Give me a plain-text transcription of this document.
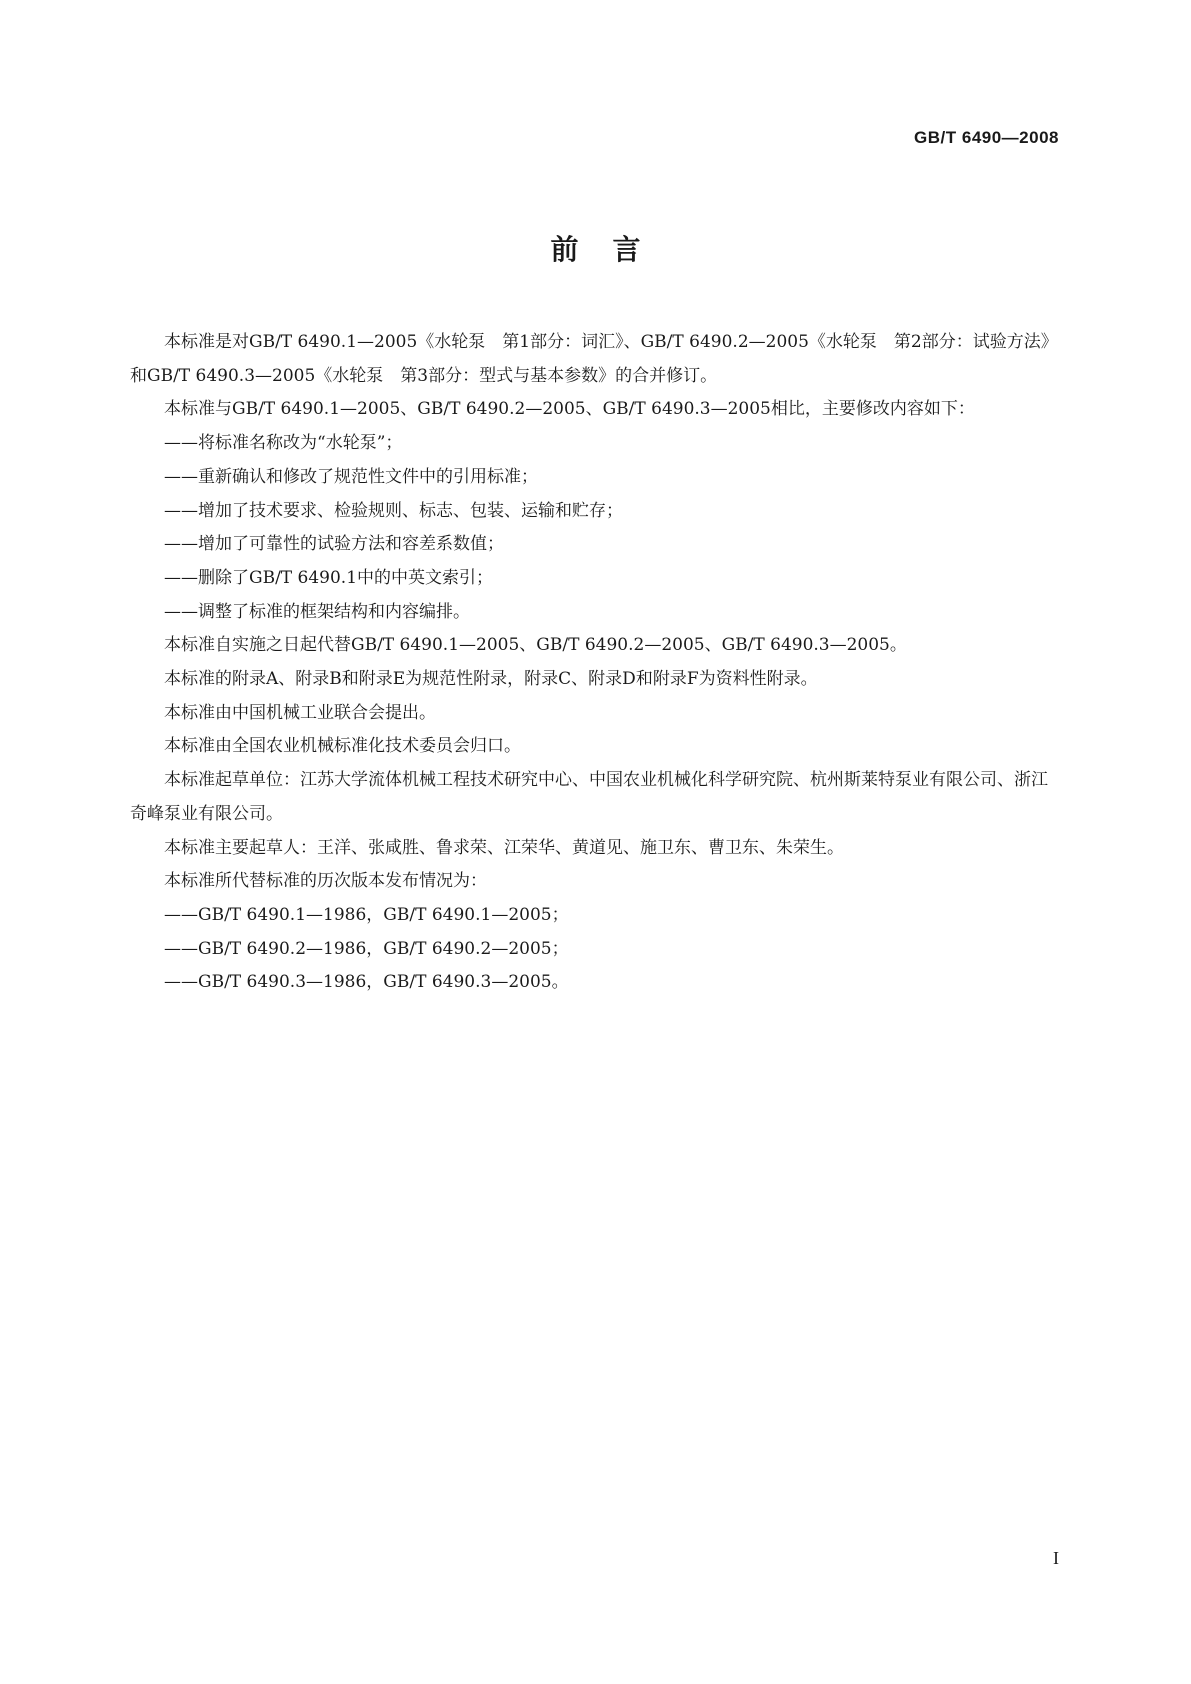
GB/T 6490—2008
前言

本标准是对GB/T 6490.1—2005《水轮泵　第1部分：词汇》、GB/T 6490.2—2005《水轮泵　第2部分：试验方法》和GB/T 6490.3—2005《水轮泵　第3部分：型式与基本参数》的合并修订。

本标准与GB/T 6490.1—2005、GB/T 6490.2—2005、GB/T 6490.3—2005相比，主要修改内容如下：

——将标准名称改为“水轮泵”；

——重新确认和修改了规范性文件中的引用标准；

——增加了技术要求、检验规则、标志、包装、运输和贮存；

——增加了可靠性的试验方法和容差系数值；

——删除了GB/T 6490.1中的中英文索引；

——调整了标准的框架结构和内容编排。

本标准自实施之日起代替GB/T 6490.1—2005、GB/T 6490.2—2005、GB/T 6490.3—2005。

本标准的附录A、附录B和附录E为规范性附录，附录C、附录D和附录F为资料性附录。

本标准由中国机械工业联合会提出。

本标准由全国农业机械标准化技术委员会归口。

本标准起草单位：江苏大学流体机械工程技术研究中心、中国农业机械化科学研究院、杭州斯莱特泵业有限公司、浙江奇峰泵业有限公司。

本标准主要起草人：王洋、张咸胜、鲁求荣、江荣华、黄道见、施卫东、曹卫东、朱荣生。

本标准所代替标准的历次版本发布情况为：

——GB/T 6490.1—1986，GB/T 6490.1—2005；

——GB/T 6490.2—1986，GB/T 6490.2—2005；

——GB/T 6490.3—1986，GB/T 6490.3—2005。

I
